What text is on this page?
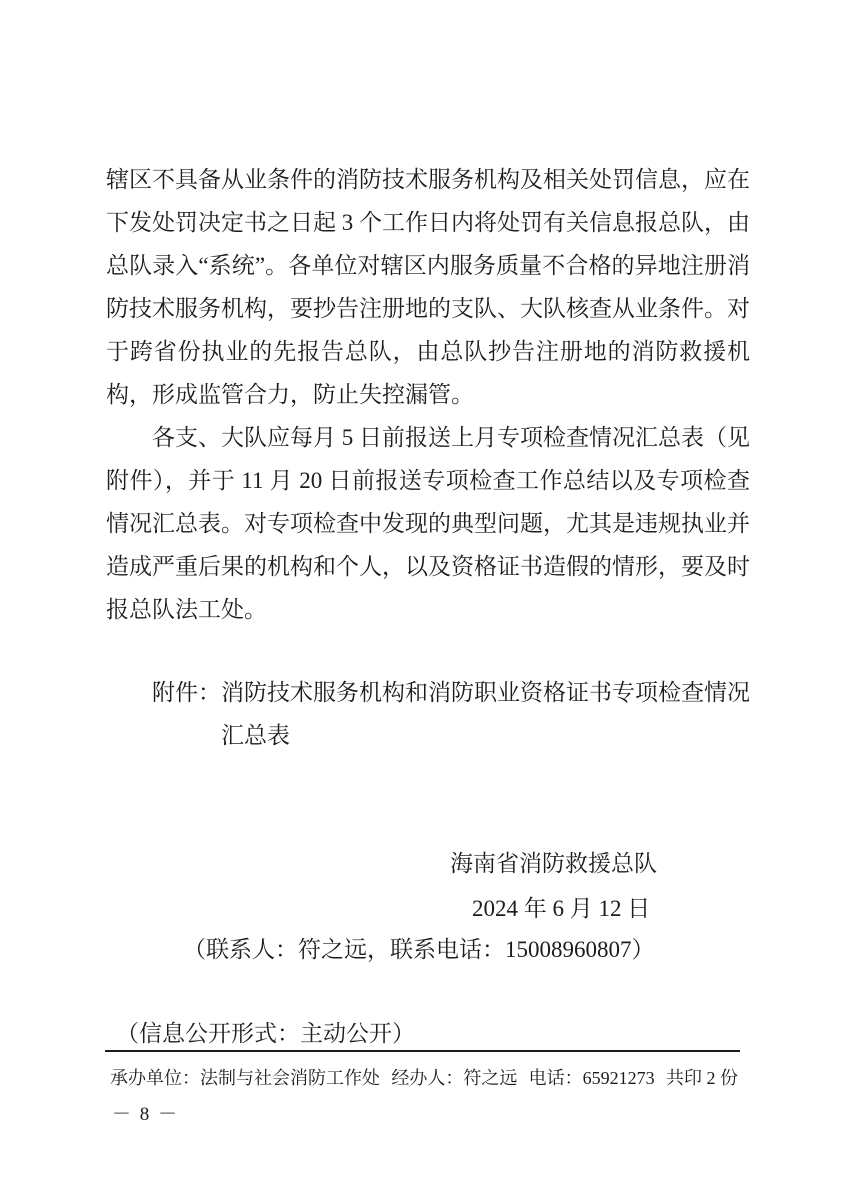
辖区不具备从业条件的消防技术服务机构及相关处罚信息，应在下发处罚决定书之日起 3 个工作日内将处罚有关信息报总队，由总队录入“系统”。各单位对辖区内服务质量不合格的异地注册消防技术服务机构，要抄告注册地的支队、大队核查从业条件。对于跨省份执业的先报告总队，由总队抄告注册地的消防救援机构，形成监管合力，防止失控漏管。

各支、大队应每月 5 日前报送上月专项检查情况汇总表（见附件），并于 11 月 20 日前报送专项检查工作总结以及专项检查情况汇总表。对专项检查中发现的典型问题，尤其是违规执业并造成严重后果的机构和个人，以及资格证书造假的情形，要及时报总队法工处。

附件：消防技术服务机构和消防职业资格证书专项检查情况汇总表
海南省消防救援总队
2024 年 6 月 12 日
（联系人：符之远，联系电话：15008960807）
（信息公开形式：主动公开）
承办单位：法制与社会消防工作处 经办人：符之远 电话：65921273 共印 2 份
－ 8 －
